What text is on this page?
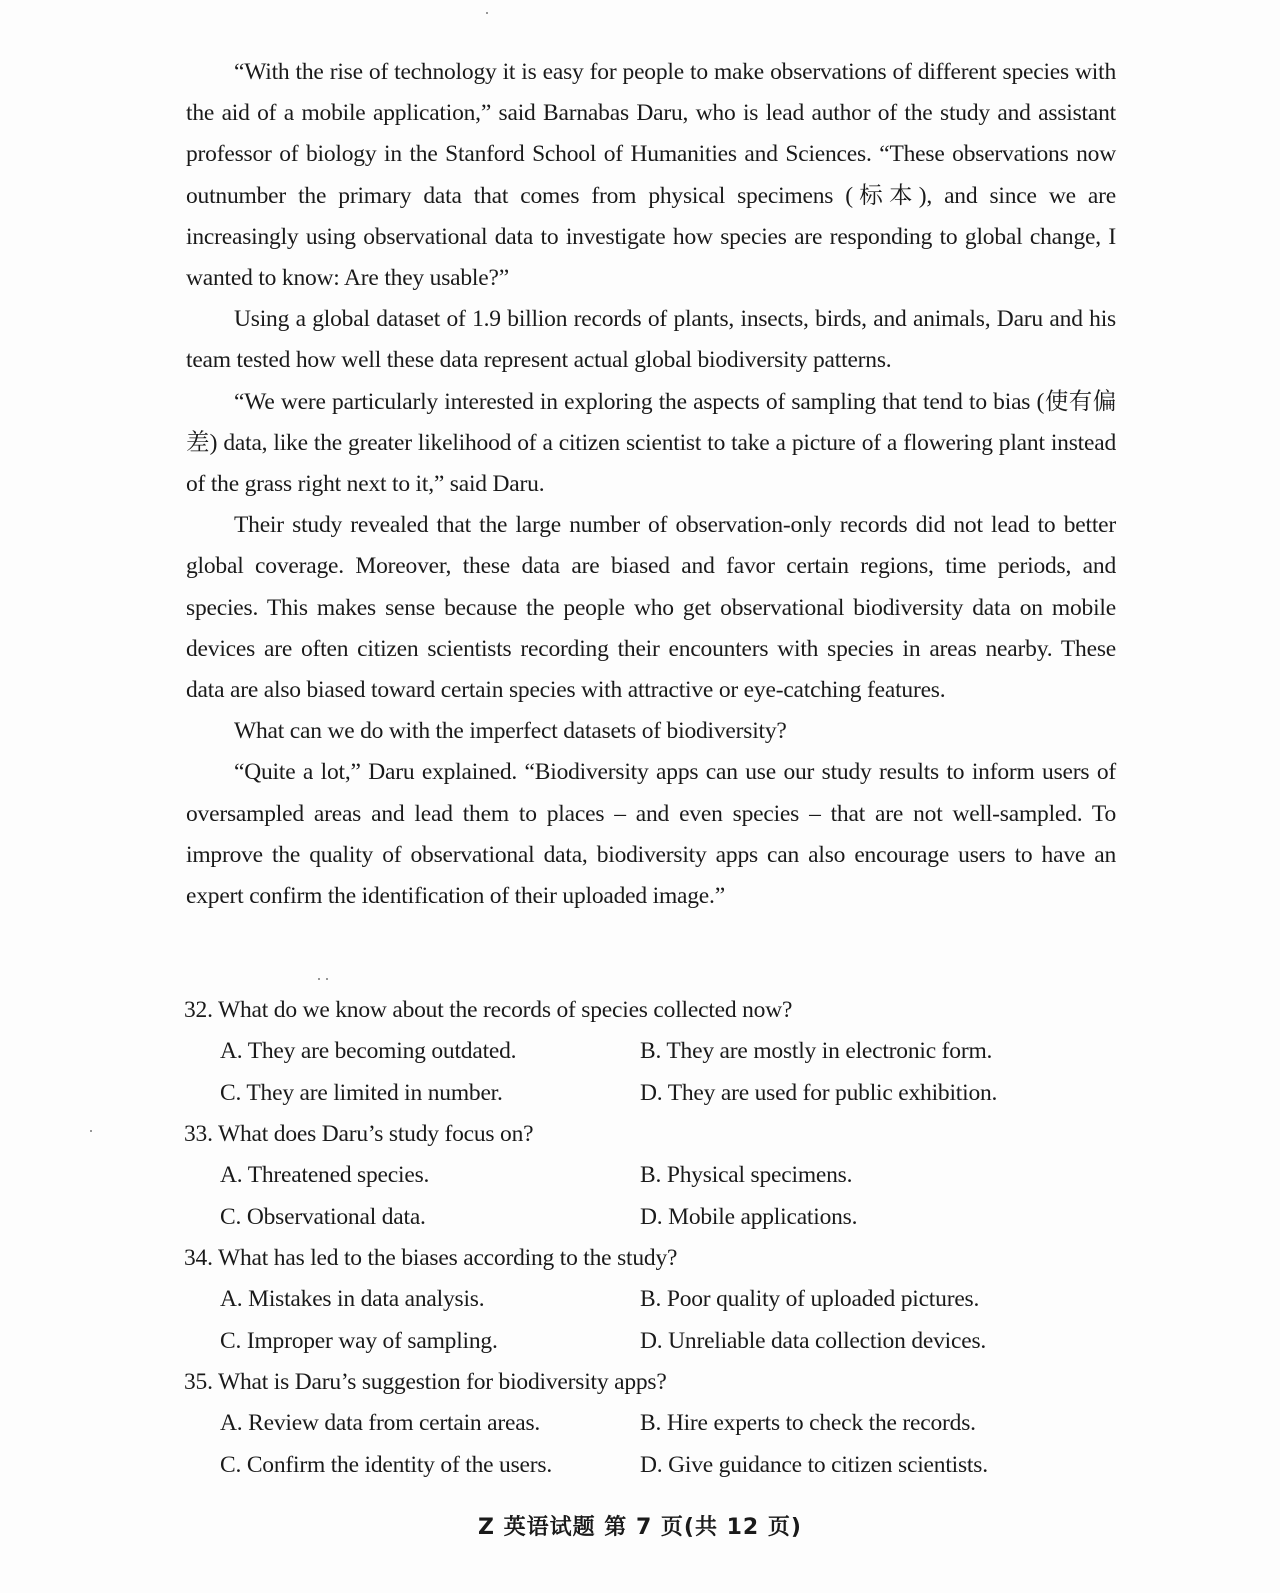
“With the rise of technology it is easy for people to make observations of different species with the aid of a mobile application,” said Barnabas Daru, who is lead author of the study and assistant professor of biology in the Stanford School of Humanities and Sciences. “These observations now outnumber the primary data that comes from physical specimens (标本), and since we are increasingly using observational data to investigate how species are responding to global change, I wanted to know: Are they usable?”

Using a global dataset of 1.9 billion records of plants, insects, birds, and animals, Daru and his team tested how well these data represent actual global biodiversity patterns.

“We were particularly interested in exploring the aspects of sampling that tend to bias (使有偏差) data, like the greater likelihood of a citizen scientist to take a picture of a flowering plant instead of the grass right next to it,” said Daru.

Their study revealed that the large number of observation-only records did not lead to better global coverage. Moreover, these data are biased and favor certain regions, time periods, and species. This makes sense because the people who get observational biodiversity data on mobile devices are often citizen scientists recording their encounters with species in areas nearby. These data are also biased toward certain species with attractive or eye-catching features.

What can we do with the imperfect datasets of biodiversity?

“Quite a lot,” Daru explained. “Biodiversity apps can use our study results to inform users of oversampled areas and lead them to places – and even species – that are not well-sampled. To improve the quality of observational data, biodiversity apps can also encourage users to have an expert confirm the identification of their uploaded image.”

32. What do we know about the records of species collected now?
A. They are becoming outdated.	B. They are mostly in electronic form.
C. They are limited in number.	D. They are used for public exhibition.
33. What does Daru’s study focus on?
A. Threatened species.	B. Physical specimens.
C. Observational data.	D. Mobile applications.
34. What has led to the biases according to the study?
A. Mistakes in data analysis.	B. Poor quality of uploaded pictures.
C. Improper way of sampling.	D. Unreliable data collection devices.
35. What is Daru’s suggestion for biodiversity apps?
A. Review data from certain areas.	B. Hire experts to check the records.
C. Confirm the identity of the users.	D. Give guidance to citizen scientists.
Z 英语试题 第 7 页(共 12 页)
